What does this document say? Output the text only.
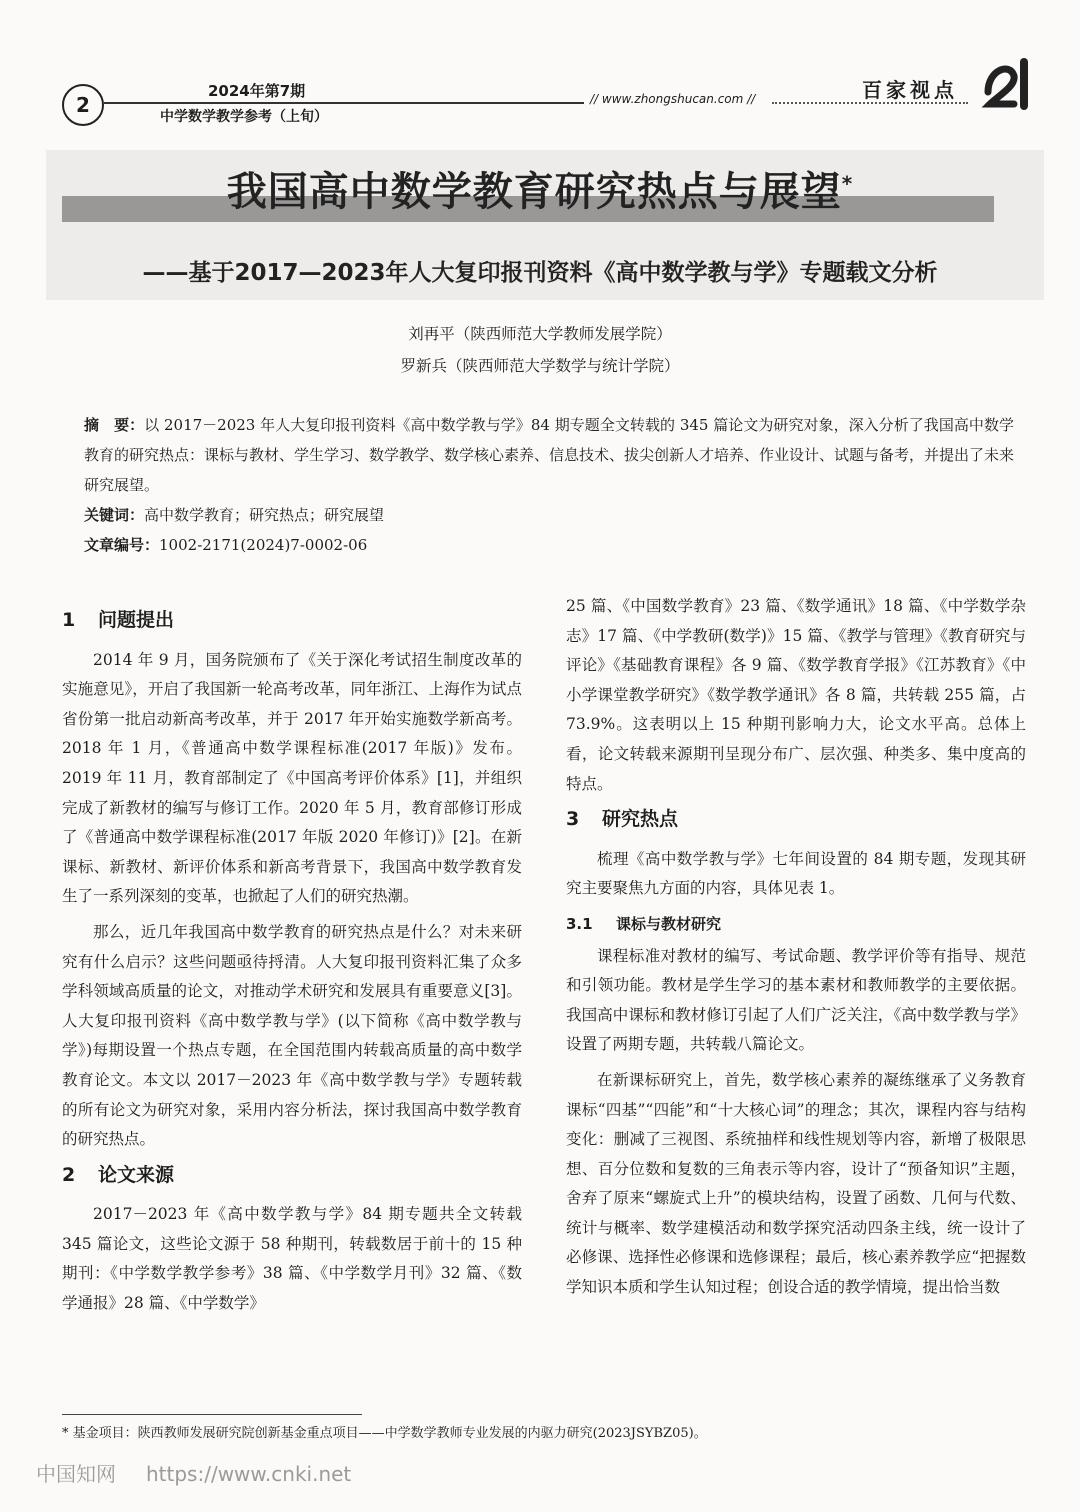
2
2024年第7期
中学数学教学参考（上旬）
// www.zhongshucan.com //	百家视点
我国高中数学教育研究热点与展望*
——基于2017—2023年人大复印报刊资料《高中数学教与学》专题载文分析
刘再平（陕西师范大学教师发展学院）
罗新兵（陕西师范大学数学与统计学院）
摘　要：以 2017－2023 年人大复印报刊资料《高中数学教与学》84 期专题全文转载的 345 篇论文为研究对象，深入分析了我国高中数学教育的研究热点：课标与教材、学生学习、数学教学、数学核心素养、信息技术、拔尖创新人才培养、作业设计、试题与备考，并提出了未来研究展望。
关键词：高中数学教育；研究热点；研究展望
文章编号：1002-2171(2024)7-0002-06
1 问题提出

2014 年 9 月，国务院颁布了《关于深化考试招生制度改革的实施意见》，开启了我国新一轮高考改革，同年浙江、上海作为试点省份第一批启动新高考改革，并于 2017 年开始实施数学新高考。2018 年 1 月，《普通高中数学课程标准(2017 年版)》发布。2019 年 11 月，教育部制定了《中国高考评价体系》[1]，并组织完成了新教材的编写与修订工作。2020 年 5 月，教育部修订形成了《普通高中数学课程标准(2017 年版 2020 年修订)》[2]。在新课标、新教材、新评价体系和新高考背景下，我国高中数学教育发生了一系列深刻的变革，也掀起了人们的研究热潮。

那么，近几年我国高中数学教育的研究热点是什么？对未来研究有什么启示？这些问题亟待捋清。人大复印报刊资料汇集了众多学科领域高质量的论文，对推动学术研究和发展具有重要意义[3]。人大复印报刊资料《高中数学教与学》(以下简称《高中数学教与学》)每期设置一个热点专题，在全国范围内转载高质量的高中数学教育论文。本文以 2017－2023 年《高中数学教与学》专题转载的所有论文为研究对象，采用内容分析法，探讨我国高中数学教育的研究热点。

2 论文来源

2017－2023 年《高中数学教与学》84 期专题共全文转载 345 篇论文，这些论文源于 58 种期刊，转载数居于前十的 15 种期刊：《中学数学教学参考》38 篇、《中学数学月刊》32 篇、《数学通报》28 篇、《中学数学》

25 篇、《中国数学教育》23 篇、《数学通讯》18 篇、《中学数学杂志》17 篇、《中学教研(数学)》15 篇、《教学与管理》《教育研究与评论》《基础教育课程》各 9 篇、《数学教育学报》《江苏教育》《中小学课堂教学研究》《数学教学通讯》各 8 篇，共转载 255 篇，占 73.9%。这表明以上 15 种期刊影响力大，论文水平高。总体上看，论文转载来源期刊呈现分布广、层次强、种类多、集中度高的特点。

3 研究热点

梳理《高中数学教与学》七年间设置的 84 期专题，发现其研究主要聚焦九方面的内容，具体见表 1。

3.1 课标与教材研究

课程标准对教材的编写、考试命题、教学评价等有指导、规范和引领功能。教材是学生学习的基本素材和教师教学的主要依据。我国高中课标和教材修订引起了人们广泛关注，《高中数学教与学》设置了两期专题，共转载八篇论文。

在新课标研究上，首先，数学核心素养的凝练继承了义务教育课标“四基”“四能”和“十大核心词”的理念；其次，课程内容与结构变化：删减了三视图、系统抽样和线性规划等内容，新增了极限思想、百分位数和复数的三角表示等内容，设计了“预备知识”主题，舍弃了原来“螺旋式上升”的模块结构，设置了函数、几何与代数、统计与概率、数学建模活动和数学探究活动四条主线，统一设计了必修课、选择性必修课和选修课程；最后，核心素养教学应“把握数学知识本质和学生认知过程；创设合适的教学情境，提出恰当数

* 基金项目：陕西教师发展研究院创新基金重点项目——中学数学教师专业发展的内驱力研究(2023JSYBZ05)。
中国知网 https://www.cnki.net
